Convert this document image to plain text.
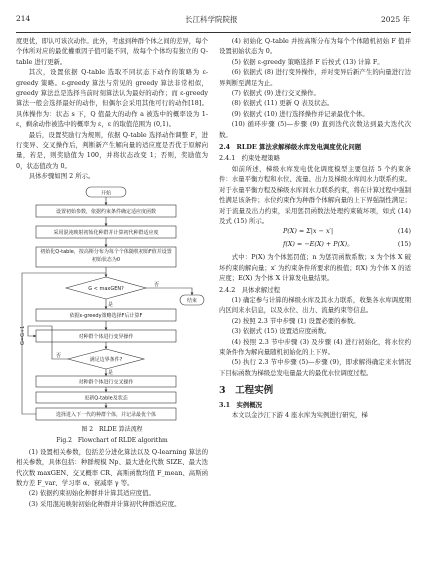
214	长江科学院院报	2025 年

度更优，即认可该次动作。此外，考虑到种群个体之间的差异，每个个体所对应的最优權重因子值可能不同，故每个个体均有独立的 Q-table 进行更新。

其次，设置依据 Q-table 选取不同状态下动作的策略为 ε-greedy 策略。ε-greedy 算法与常见的 greedy 算法非常相似，greedy 算法总是选择当前时刻算法认为最好的动作；而 ε-greedy 算法一般会选择最好的动作，但偶尔会采用其他可行的动作[18]。具体操作为：状态 s 下，Q 值最大的动作 a 被选中的概率设为 1-ε，剩余动作被选中的概率为 ε，ε 的取值范围为 (0,1)。

最后，设置奖励行为规则，依据 Q-table 选择动作调整 F，进行变异、交叉操作后，判断新产生解向量的适应度是否优于原解向量，若是，则奖励值为 100，并将状态改变 1；否则，奖励值为 0，状态值改为 0。

具体步骤如图 2 所示。

开始
设置初始参数，依据约束条件确定适应度函数
采用混沌映射初始化种群并计算初代种群适应度
初始化Q-table，按高斯分布为每个个体随机初始F值并设置初始状态为0
G < maxGEN?
依据ε-greedy策略选择F后计算F
对种群个体进行变异操作
满足边界条件?
对种群个体进行交叉操作
更新Q-table及状态
选择进入下一代的种群个体，并记录最优个体
结束
是
否
是
否
G=G+1
图 2　RLDE 算法流程
Fig.2　Flowchart of RLDE algorithm

(1) 设置相关参数，包括差分进化算法以及 Q-learning 算法的相关参数，具体包括：种群规模 Np、最大进化代数 SIZE、最大迭代次数 maxGEN、交叉概率 CR、高斯函数均值 F_mean、高斯函数方差 F_var、学习率 α、衰减率 γ 等。

(2) 依据约束初始化种群并计算其适应度值。

(3) 采用混沌映射初始化种群并计算初代种群适应度。

(4) 初始化 Q-table 并按高斯分布为每个个体随机初始 F 值并设置初始状态为 0。

(5) 依据 ε-greedy 策略选择 F 后按式 (13) 计算 F。

(6) 依据式 (8) 进行变异操作，并对变异后新产生的向量进行边界判断至满足为止。

(7) 依据式 (9) 进行交叉操作。

(8) 依据式 (11) 更新 Q 表及状态。

(9) 依据式 (10) 进行选择操作并记录最优个体。

(10) 循环步骤 (5)—步骤 (9) 直到迭代次数达到最大迭代次数。

2.4　RLDE 算法求解梯级水库发电调度优化问题
2.4.1　约束处理策略

如前所述，梯级水库发电优化调度模型主要包括 5 个约束条件：水量平衡方程和水位、流量、出力及梯级水库间水力联系约束。对于水量平衡方程及梯级水库间水力联系约束，将在计算过程中强制性满足该条件；水位约束作为种群个体解向量的上下界强制性满足；对于流量及出力约束，采用惩罚函数法处理约束破坏项，如式 (14) 及式 (15) 所示。

P(X) = Σ|x − x′|	(14)
f(X) = −E(X) + P(X)。	(15)

式中：P(X) 为个体惩罚值；n 为惩罚函数系数；x 为个体 X 破坏约束的解向量；x′ 为约束条件所要求的极值；f(X) 为个体 X 的适应度；E(X) 为个体 X 计算发电量结果。

2.4.2　具体求解过程

(1) 确定参与计算的梯级水库及其水力联系，收集各水库调度期内区间来水信息，以及水位、出力、流量约束等信息。

(2) 按照 2.3 节中步骤 (1) 设置必要的参数。

(3) 依据式 (15) 设置适应度函数。

(4) 按照 2.3 节中步骤 (3) 及步骤 (4) 进行初始化，将水位约束条件作为解向量随机初始化的上下界。

(5) 执行 2.3 节中步骤 (5)—步骤 (9)，即求解得确定来水情况下目标函数为梯级总发电量最大的最优水位调度过程。

3　工程实例
3.1　实例概况

本文以金沙江下游 4 座水库为实例进行研究，梯
